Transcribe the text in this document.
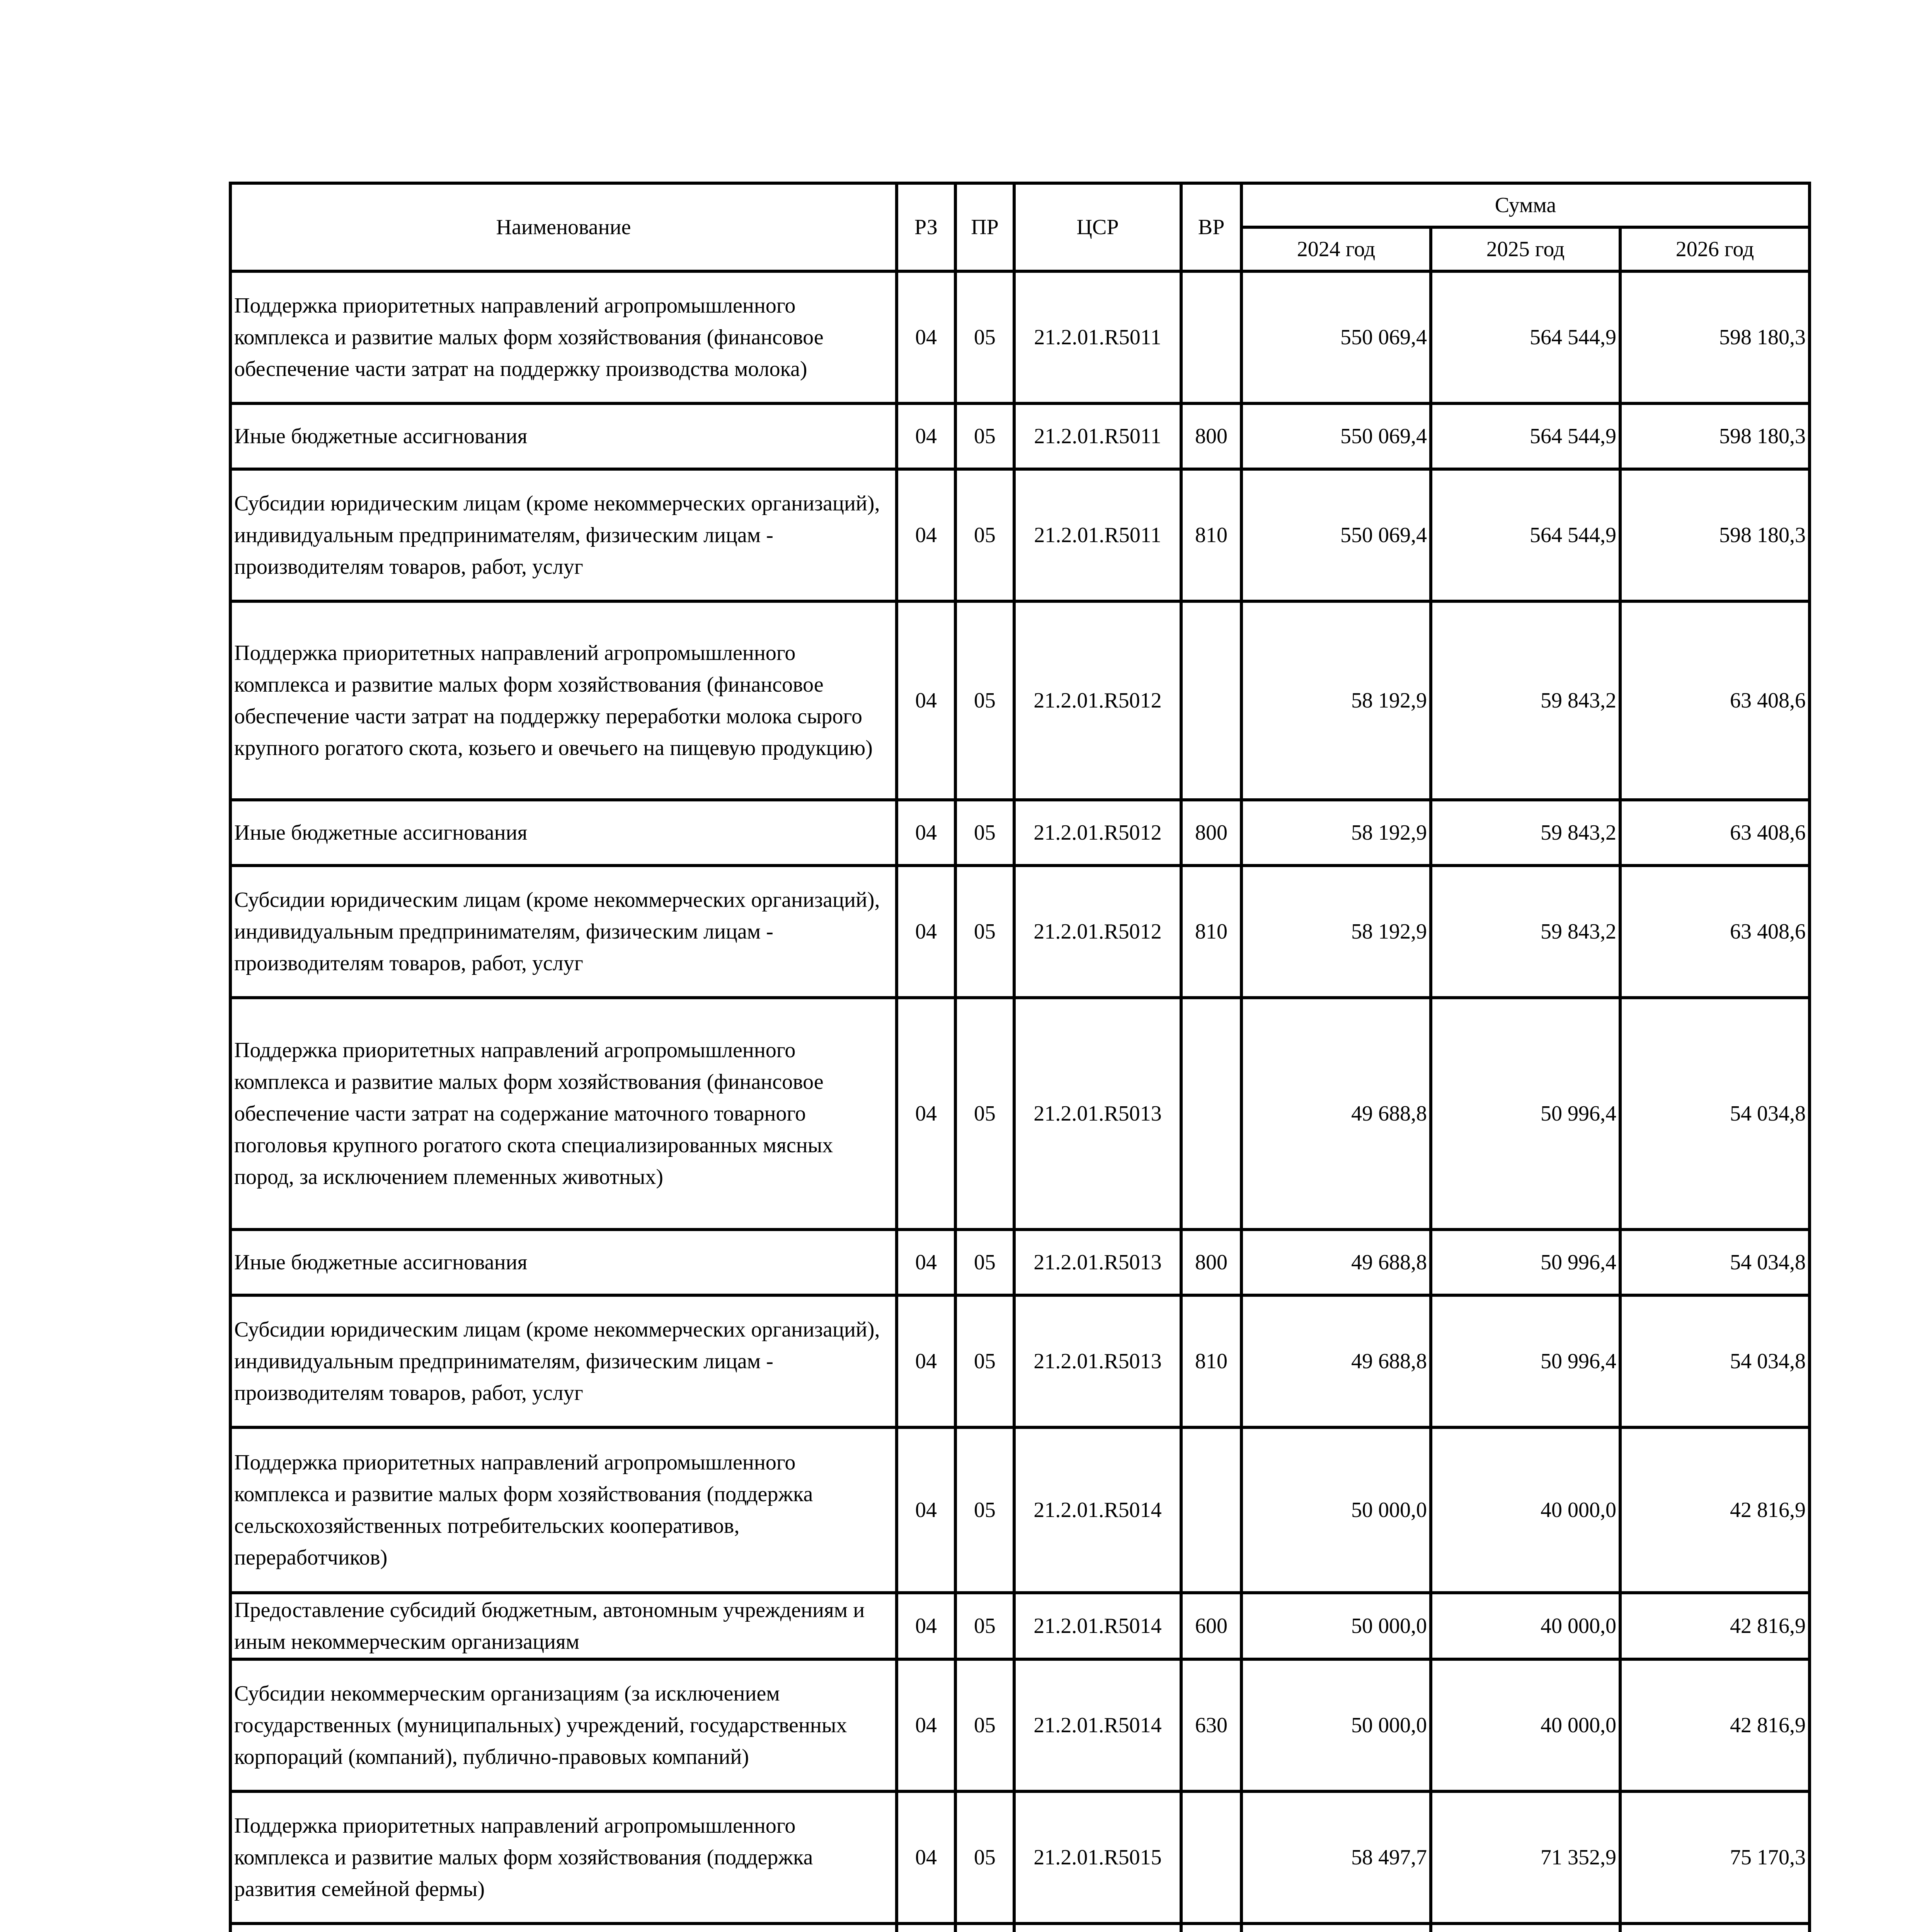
Наименование	РЗ	ПР	ЦСР	ВР	Сумма		
					2024 год	2025 год	2026 год
Поддержка приоритетных направлений агропромышленного комплекса и развитие малых форм хозяйствования (финансовое обеспечение части затрат на поддержку производства молока)	04	05	21.2.01.R5011		550 069,4	564 544,9	598 180,3
Иные бюджетные ассигнования	04	05	21.2.01.R5011	800	550 069,4	564 544,9	598 180,3
Субсидии юридическим лицам (кроме некоммерческих организаций), индивидуальным предпринимателям, физическим лицам - производителям товаров, работ, услуг	04	05	21.2.01.R5011	810	550 069,4	564 544,9	598 180,3
Поддержка приоритетных направлений агропромышленного комплекса и развитие малых форм хозяйствования (финансовое обеспечение части затрат на поддержку переработки молока сырого крупного рогатого скота, козьего и овечьего на пищевую продукцию)	04	05	21.2.01.R5012		58 192,9	59 843,2	63 408,6
Иные бюджетные ассигнования	04	05	21.2.01.R5012	800	58 192,9	59 843,2	63 408,6
Субсидии юридическим лицам (кроме некоммерческих организаций), индивидуальным предпринимателям, физическим лицам - производителям товаров, работ, услуг	04	05	21.2.01.R5012	810	58 192,9	59 843,2	63 408,6
Поддержка приоритетных направлений агропромышленного комплекса и развитие малых форм хозяйствования (финансовое обеспечение части затрат на содержание маточного товарного поголовья крупного рогатого скота специализированных мясных пород, за исключением племенных животных)	04	05	21.2.01.R5013		49 688,8	50 996,4	54 034,8
Иные бюджетные ассигнования	04	05	21.2.01.R5013	800	49 688,8	50 996,4	54 034,8
Субсидии юридическим лицам (кроме некоммерческих организаций), индивидуальным предпринимателям, физическим лицам - производителям товаров, работ, услуг	04	05	21.2.01.R5013	810	49 688,8	50 996,4	54 034,8
Поддержка приоритетных направлений агропромышленного комплекса и развитие малых форм хозяйствования (поддержка сельскохозяйственных потребительских кооперативов, переработчиков)	04	05	21.2.01.R5014		50 000,0	40 000,0	42 816,9
Предоставление субсидий бюджетным, автономным учреждениям и иным некоммерческим организациям	04	05	21.2.01.R5014	600	50 000,0	40 000,0	42 816,9
Субсидии некоммерческим организациям (за исключением государственных (муниципальных) учреждений, государственных корпораций (компаний), публично-правовых компаний)	04	05	21.2.01.R5014	630	50 000,0	40 000,0	42 816,9
Поддержка приоритетных направлений агропромышленного комплекса и развитие малых форм хозяйствования (поддержка развития семейной фермы)	04	05	21.2.01.R5015		58 497,7	71 352,9	75 170,3
